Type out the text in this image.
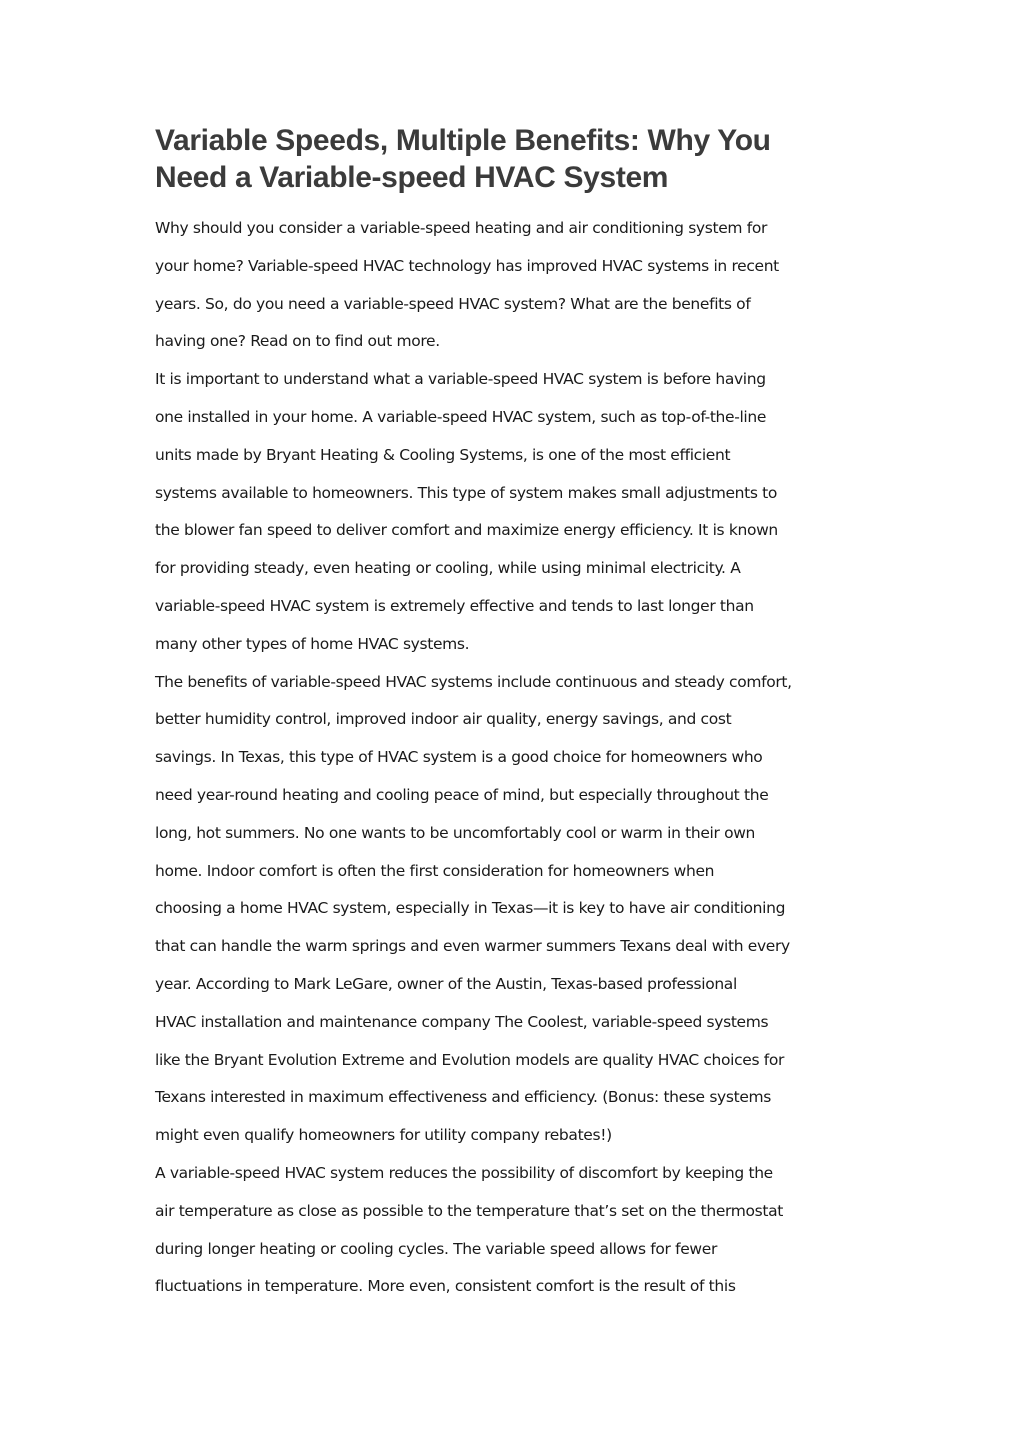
Variable Speeds, Multiple Benefits: Why You
Need a Variable-speed HVAC System

Why should you consider a variable-speed heating and air conditioning system for
your home? Variable-speed HVAC technology has improved HVAC systems in recent
years. So, do you need a variable-speed HVAC system? What are the benefits of
having one? Read on to find out more.

It is important to understand what a variable-speed HVAC system is before having
one installed in your home. A variable-speed HVAC system, such as top-of-the-line
units made by Bryant Heating & Cooling Systems, is one of the most efficient
systems available to homeowners. This type of system makes small adjustments to
the blower fan speed to deliver comfort and maximize energy efficiency. It is known
for providing steady, even heating or cooling, while using minimal electricity. A
variable-speed HVAC system is extremely effective and tends to last longer than
many other types of home HVAC systems.

The benefits of variable-speed HVAC systems include continuous and steady comfort,
better humidity control, improved indoor air quality, energy savings, and cost
savings. In Texas, this type of HVAC system is a good choice for homeowners who
need year-round heating and cooling peace of mind, but especially throughout the
long, hot summers. No one wants to be uncomfortably cool or warm in their own
home. Indoor comfort is often the first consideration for homeowners when
choosing a home HVAC system, especially in Texas—it is key to have air conditioning
that can handle the warm springs and even warmer summers Texans deal with every
year. According to Mark LeGare, owner of the Austin, Texas-based professional
HVAC installation and maintenance company The Coolest, variable-speed systems
like the Bryant Evolution Extreme and Evolution models are quality HVAC choices for
Texans interested in maximum effectiveness and efficiency. (Bonus: these systems
might even qualify homeowners for utility company rebates!)

A variable-speed HVAC system reduces the possibility of discomfort by keeping the
air temperature as close as possible to the temperature that’s set on the thermostat
during longer heating or cooling cycles. The variable speed allows for fewer
fluctuations in temperature. More even, consistent comfort is the result of this
